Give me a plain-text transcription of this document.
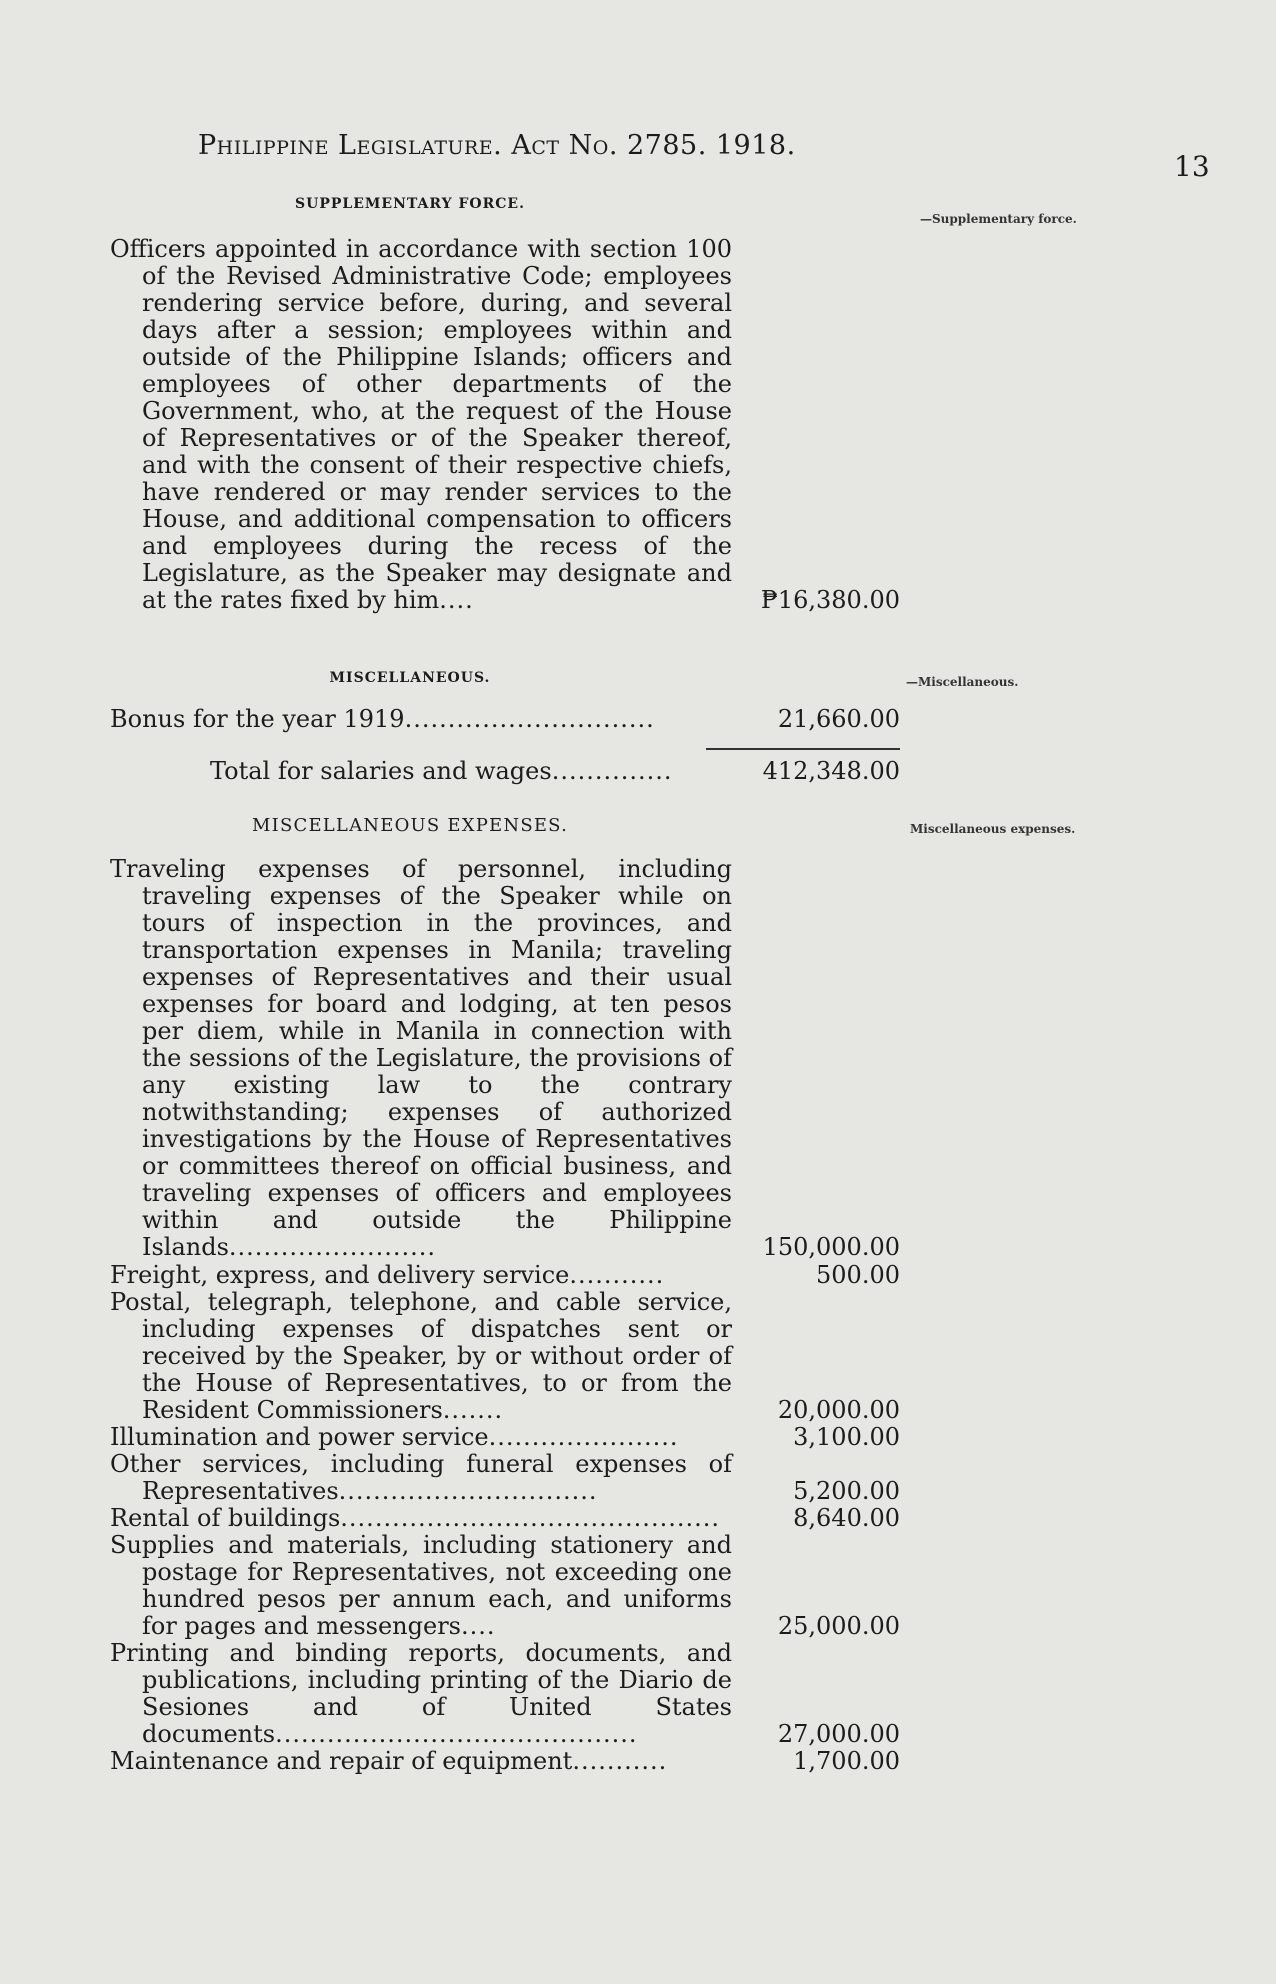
Philippine Legislature. Act No. 2785. 1918.
13
SUPPLEMENTARY FORCE.
Officers appointed in accordance with section 100 of the Revised Administrative Code; employees rendering service before, during, and several days after a session; employees within and outside of the Philippine Islands; officers and employees of other departments of the Government, who, at the request of the House of Representatives or of the Speaker thereof, and with the consent of their respective chiefs, have rendered or may render services to the House, and additional compensation to officers and employees during the recess of the Legislature, as the Speaker may designate and at the rates fixed by him....	₱16,380.00
MISCELLANEOUS.
Bonus for the year 1919.............................	21,660.00
Total for salaries and wages..............	412,348.00
MISCELLANEOUS EXPENSES.
Traveling expenses of personnel, including traveling expenses of the Speaker while on tours of inspection in the provinces, and transportation expenses in Manila; traveling expenses of Representatives and their usual expenses for board and lodging, at ten pesos per diem, while in Manila in connection with the sessions of the Legislature, the provisions of any existing law to the contrary notwithstanding; expenses of authorized investigations by the House of Representatives or committees thereof on official business, and traveling expenses of officers and employees within and outside the Philippine Islands........................	150,000.00
Freight, express, and delivery service...........	500.00
Postal, telegraph, telephone, and cable service, including expenses of dispatches sent or received by the Speaker, by or without order of the House of Representatives, to or from the Resident Commissioners.......	20,000.00
Illumination and power service......................	3,100.00
Other services, including funeral expenses of Representatives..............................	5,200.00
Rental of buildings............................................	8,640.00
Supplies and materials, including stationery and postage for Representatives, not exceeding one hundred pesos per annum each, and uniforms for pages and messengers....	25,000.00
Printing and binding reports, documents, and publications, including printing of the Diario de Sesiones and of United States documents..........................................	27,000.00
Maintenance and repair of equipment...........	1,700.00
—Supplementary force.
—Miscellaneous.
Miscellaneous expenses.
